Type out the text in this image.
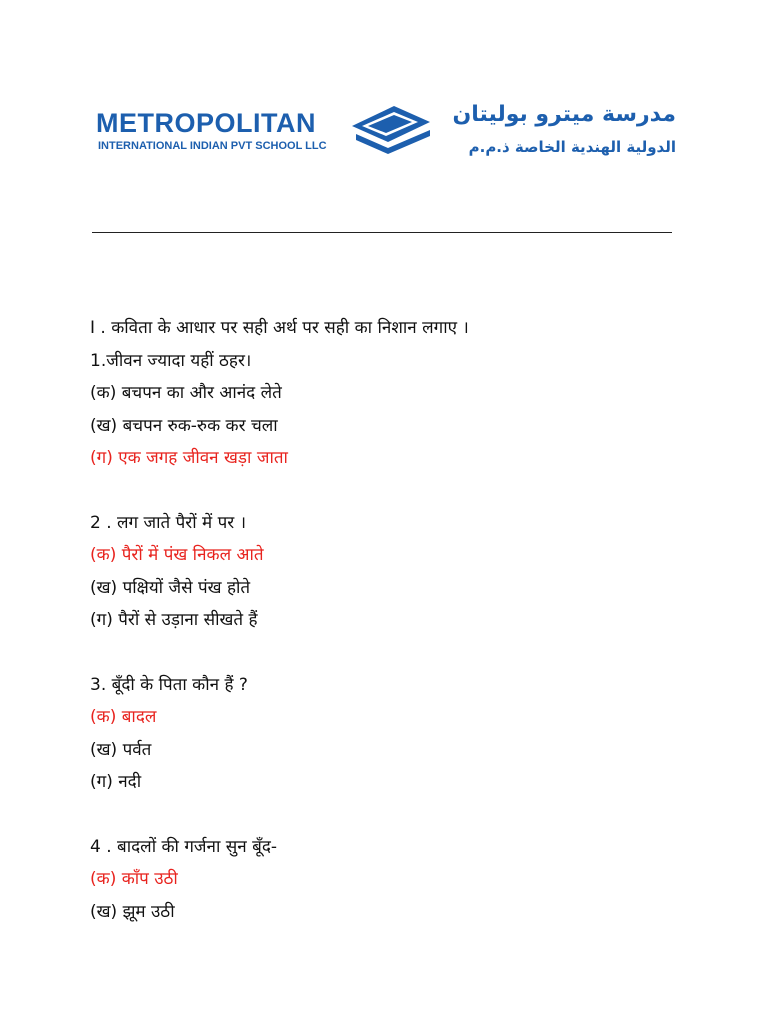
METROPOLITAN
INTERNATIONAL INDIAN PVT SCHOOL LLC
مدرسة ميترو بوليتان
الدولية الهندية الخاصة ذ.م.م
I . कविता के आधार पर सही अर्थ पर सही का निशान लगाए ।
1.जीवन ज्यादा यहीं ठहर।
(क) बचपन का और आनंद लेते
(ख) बचपन रुक-रुक कर चला
(ग) एक जगह जीवन खड़ा जाता
2 . लग जाते पैरों में पर ।
(क) पैरों में पंख निकल आते
(ख) पक्षियों जैसे पंख होते
(ग) पैरों से उड़ाना सीखते हैं
3. बूँदी के पिता कौन हैं ?
(क) बादल
(ख) पर्वत
(ग) नदी
4 . बादलों की गर्जना सुन बूँद-
(क) काँप उठी
(ख) झूम उठी
